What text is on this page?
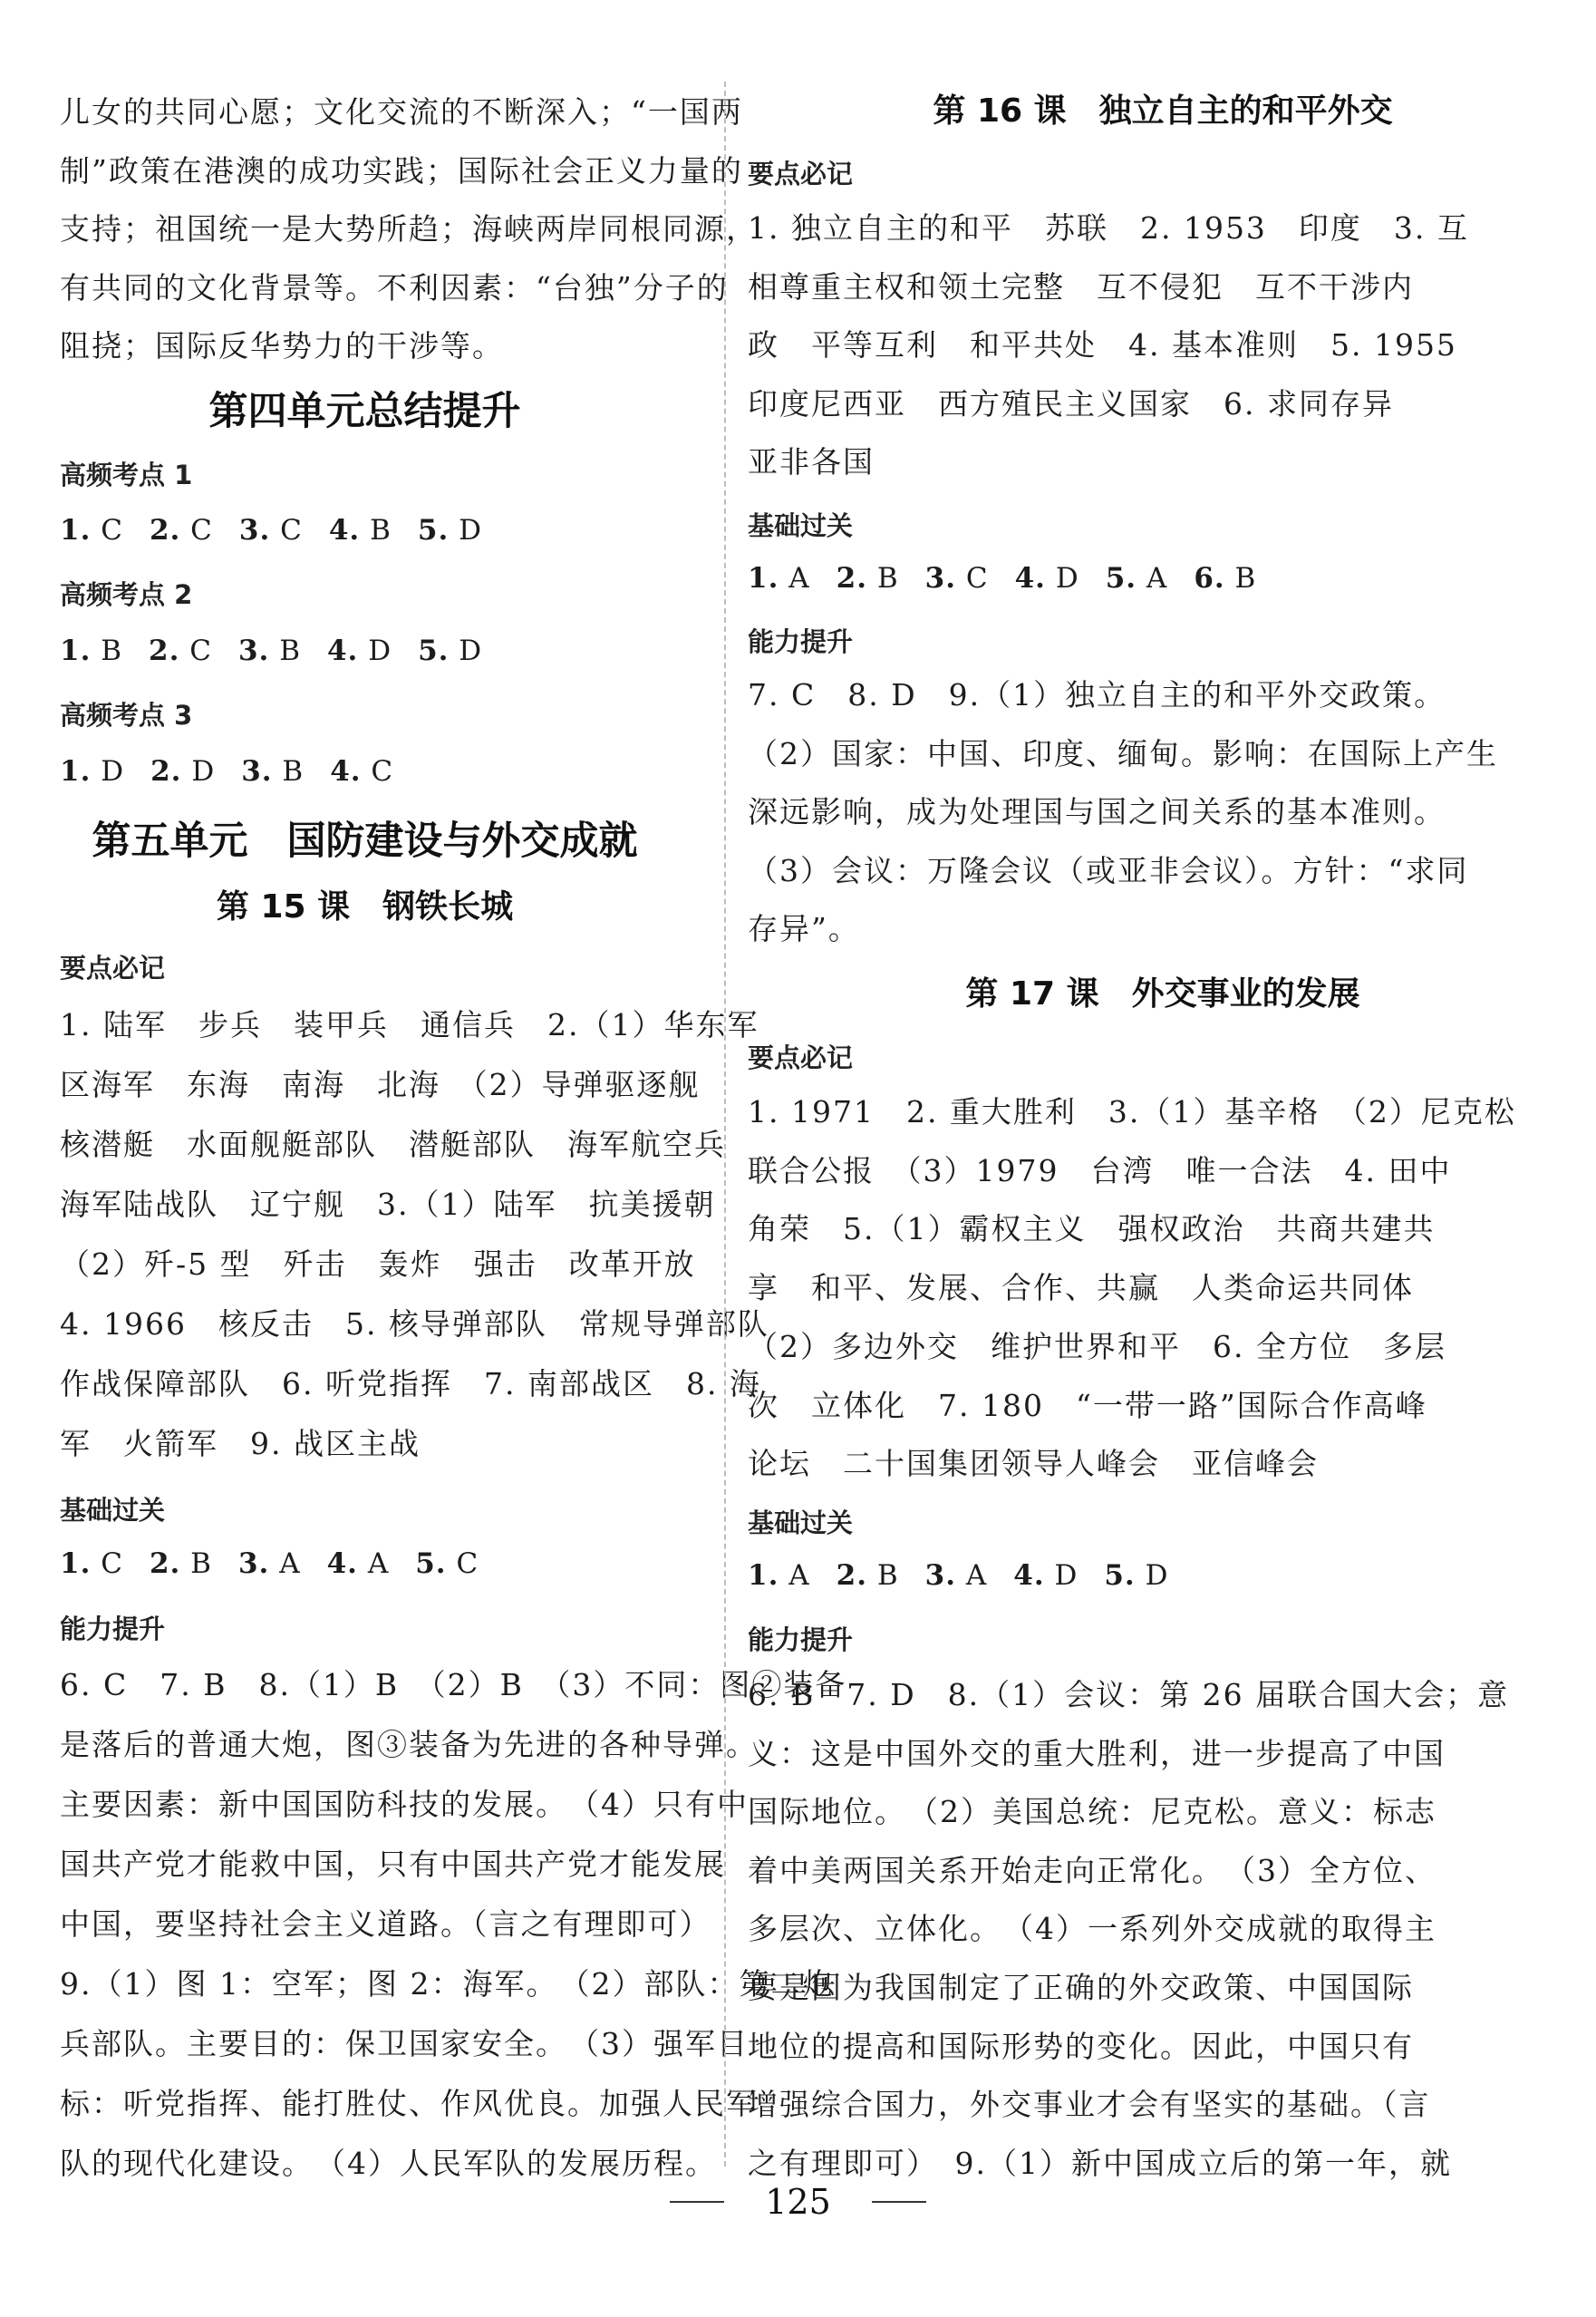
儿女的共同心愿；文化交流的不断深入；“一国两
制”政策在港澳的成功实践；国际社会正义力量的
支持；祖国统一是大势所趋；海峡两岸同根同源，
有共同的文化背景等。不利因素：“台独”分子的
阻挠；国际反华势力的干涉等。
第四单元总结提升
高频考点 1
1. C 2. C 3. C 4. B 5. D
高频考点 2
1. B 2. C 3. B 4. D 5. D
高频考点 3
1. D 2. D 3. B 4. C
第五单元　国防建设与外交成就
第 15 课　钢铁长城
要点必记
1. 陆军　步兵　装甲兵　通信兵　2.（1）华东军
区海军　东海　南海　北海　（2）导弹驱逐舰
核潜艇　水面舰艇部队　潜艇部队　海军航空兵
海军陆战队　辽宁舰　3.（1）陆军　抗美援朝
（2）歼-5 型　歼击　轰炸　强击　改革开放
4. 1966　核反击　5. 核导弹部队　常规导弹部队
作战保障部队　6. 听党指挥　7. 南部战区　8. 海
军　火箭军　9. 战区主战
基础过关
1. C 2. B 3. A 4. A 5. C
能力提升
6. C　7. B　8.（1）B　（2）B　（3）不同：图②装备
是落后的普通大炮，图③装备为先进的各种导弹。
主要因素：新中国国防科技的发展。　（4）只有中
国共产党才能救中国，只有中国共产党才能发展
中国，要坚持社会主义道路。（言之有理即可）
9.（1）图 1：空军；图 2：海军。　（2）部队：第二炮
兵部队。主要目的：保卫国家安全。　（3）强军目
标：听党指挥、能打胜仗、作风优良。加强人民军
队的现代化建设。　（4）人民军队的发展历程。
第 16 课　独立自主的和平外交
要点必记
1. 独立自主的和平　苏联　2. 1953　印度　3. 互
相尊重主权和领土完整　互不侵犯　互不干涉内
政　平等互利　和平共处　4. 基本准则　5. 1955
印度尼西亚　西方殖民主义国家　6. 求同存异
亚非各国
基础过关
1. A 2. B 3. C 4. D 5. A 6. B
能力提升
7. C　8. D　9.（1）独立自主的和平外交政策。
（2）国家：中国、印度、缅甸。影响：在国际上产生
深远影响，成为处理国与国之间关系的基本准则。
（3）会议：万隆会议（或亚非会议）。方针：“求同
存异”。
第 17 课　外交事业的发展
要点必记
1. 1971　2. 重大胜利　3.（1）基辛格　（2）尼克松
联合公报　（3）1979　台湾　唯一合法　4. 田中
角荣　5.（1）霸权主义　强权政治　共商共建共
享　和平、发展、合作、共赢　人类命运共同体
（2）多边外交　维护世界和平　6. 全方位　多层
次　立体化　7. 180　“一带一路”国际合作高峰
论坛　二十国集团领导人峰会　亚信峰会
基础过关
1. A 2. B 3. A 4. D 5. D
能力提升
6. B　7. D　8.（1）会议：第 26 届联合国大会；意
义：这是中国外交的重大胜利，进一步提高了中国
国际地位。　（2）美国总统：尼克松。意义：标志
着中美两国关系开始走向正常化。　（3）全方位、
多层次、立体化。　（4）一系列外交成就的取得主
要是因为我国制定了正确的外交政策、中国国际
地位的提高和国际形势的变化。因此，中国只有
增强综合国力，外交事业才会有坚实的基础。（言
之有理即可）　9.（1）新中国成立后的第一年，就
125
